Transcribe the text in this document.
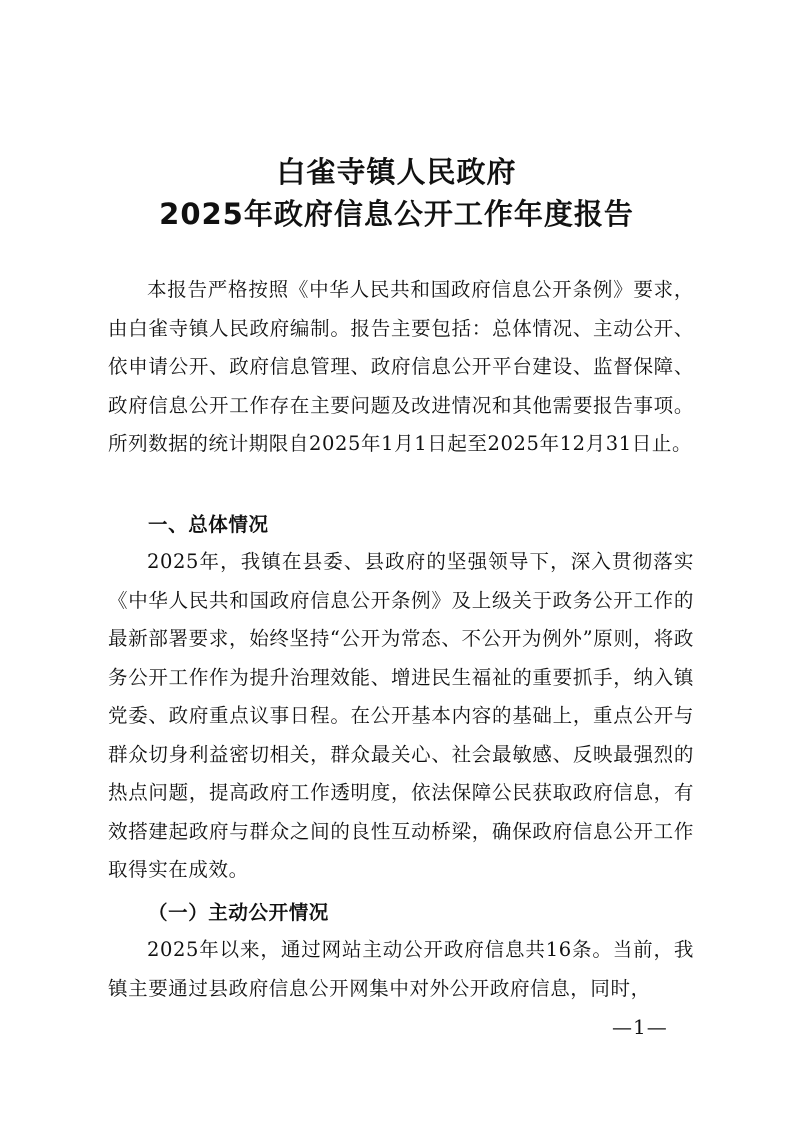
白雀寺镇人民政府
2025年政府信息公开工作年度报告

本报告严格按照《中华人民共和国政府信息公开条例》要求，由白雀寺镇人民政府编制。报告主要包括：总体情况、主动公开、依申请公开、政府信息管理、政府信息公开平台建设、监督保障、政府信息公开工作存在主要问题及改进情况和其他需要报告事项。所列数据的统计期限自2025年1月1日起至2025年12月31日止。

一、总体情况

2025年，我镇在县委、县政府的坚强领导下，深入贯彻落实《中华人民共和国政府信息公开条例》及上级关于政务公开工作的最新部署要求，始终坚持“公开为常态、不公开为例外”原则，将政务公开工作作为提升治理效能、增进民生福祉的重要抓手，纳入镇党委、政府重点议事日程。在公开基本内容的基础上，重点公开与群众切身利益密切相关，群众最关心、社会最敏感、反映最强烈的热点问题，提高政府工作透明度，依法保障公民获取政府信息，有效搭建起政府与群众之间的良性互动桥梁，确保政府信息公开工作取得实在成效。

（一）主动公开情况

2025年以来，通过网站主动公开政府信息共16条。当前，我镇主要通过县政府信息公开网集中对外公开政府信息，同时，

—1—
